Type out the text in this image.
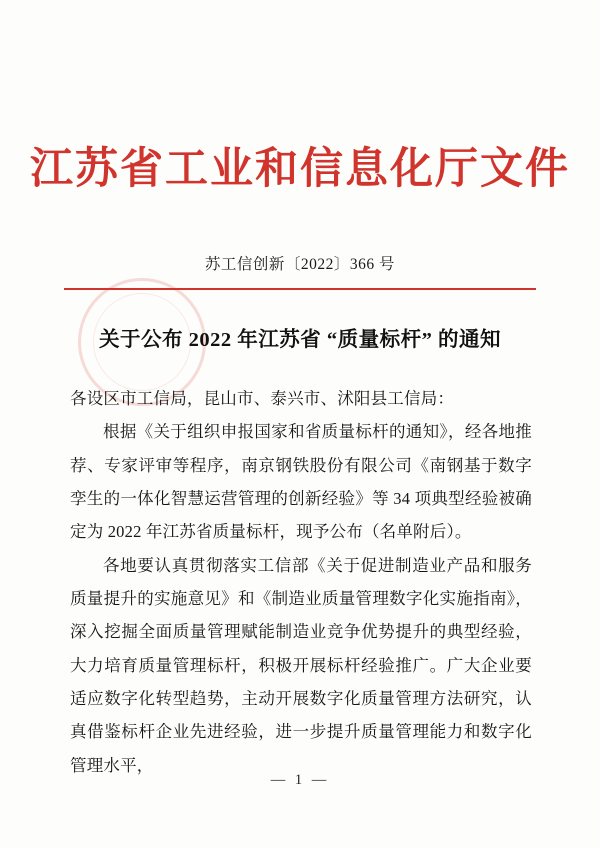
江苏省工业和信息化厅文件
苏工信创新〔2022〕366 号
关于公布 2022 年江苏省 “质量标杆” 的通知
各设区市工信局，昆山市、泰兴市、沭阳县工信局：

根据《关于组织申报国家和省质量标杆的通知》，经各地推荐、专家评审等程序，南京钢铁股份有限公司《南钢基于数字孪生的一体化智慧运营管理的创新经验》等 34 项典型经验被确定为 2022 年江苏省质量标杆，现予公布（名单附后）。

各地要认真贯彻落实工信部《关于促进制造业产品和服务质量提升的实施意见》和《制造业质量管理数字化实施指南》，深入挖掘全面质量管理赋能制造业竞争优势提升的典型经验，大力培育质量管理标杆，积极开展标杆经验推广。广大企业要适应数字化转型趋势，主动开展数字化质量管理方法研究，认真借鉴标杆企业先进经验，进一步提升质量管理能力和数字化管理水平，

— 1 —
